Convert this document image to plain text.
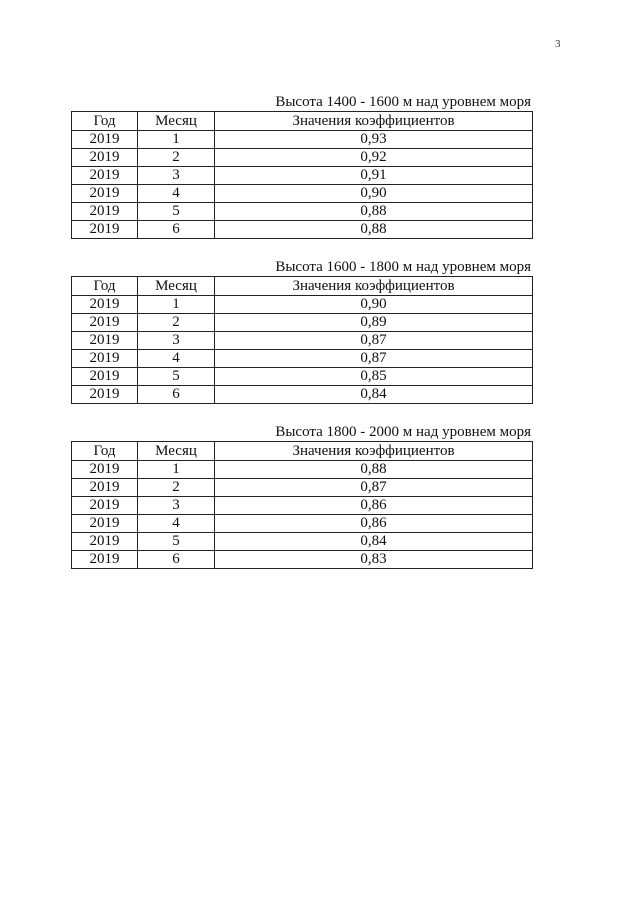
3
Высота 1400 - 1600 м над уровнем моря
Год	Месяц	Значения коэффициентов
2019	1	0,93
2019	2	0,92
2019	3	0,91
2019	4	0,90
2019	5	0,88
2019	6	0,88
Высота 1600 - 1800 м над уровнем моря
Год	Месяц	Значения коэффициентов
2019	1	0,90
2019	2	0,89
2019	3	0,87
2019	4	0,87
2019	5	0,85
2019	6	0,84
Высота 1800 - 2000 м над уровнем моря
Год	Месяц	Значения коэффициентов
2019	1	0,88
2019	2	0,87
2019	3	0,86
2019	4	0,86
2019	5	0,84
2019	6	0,83
